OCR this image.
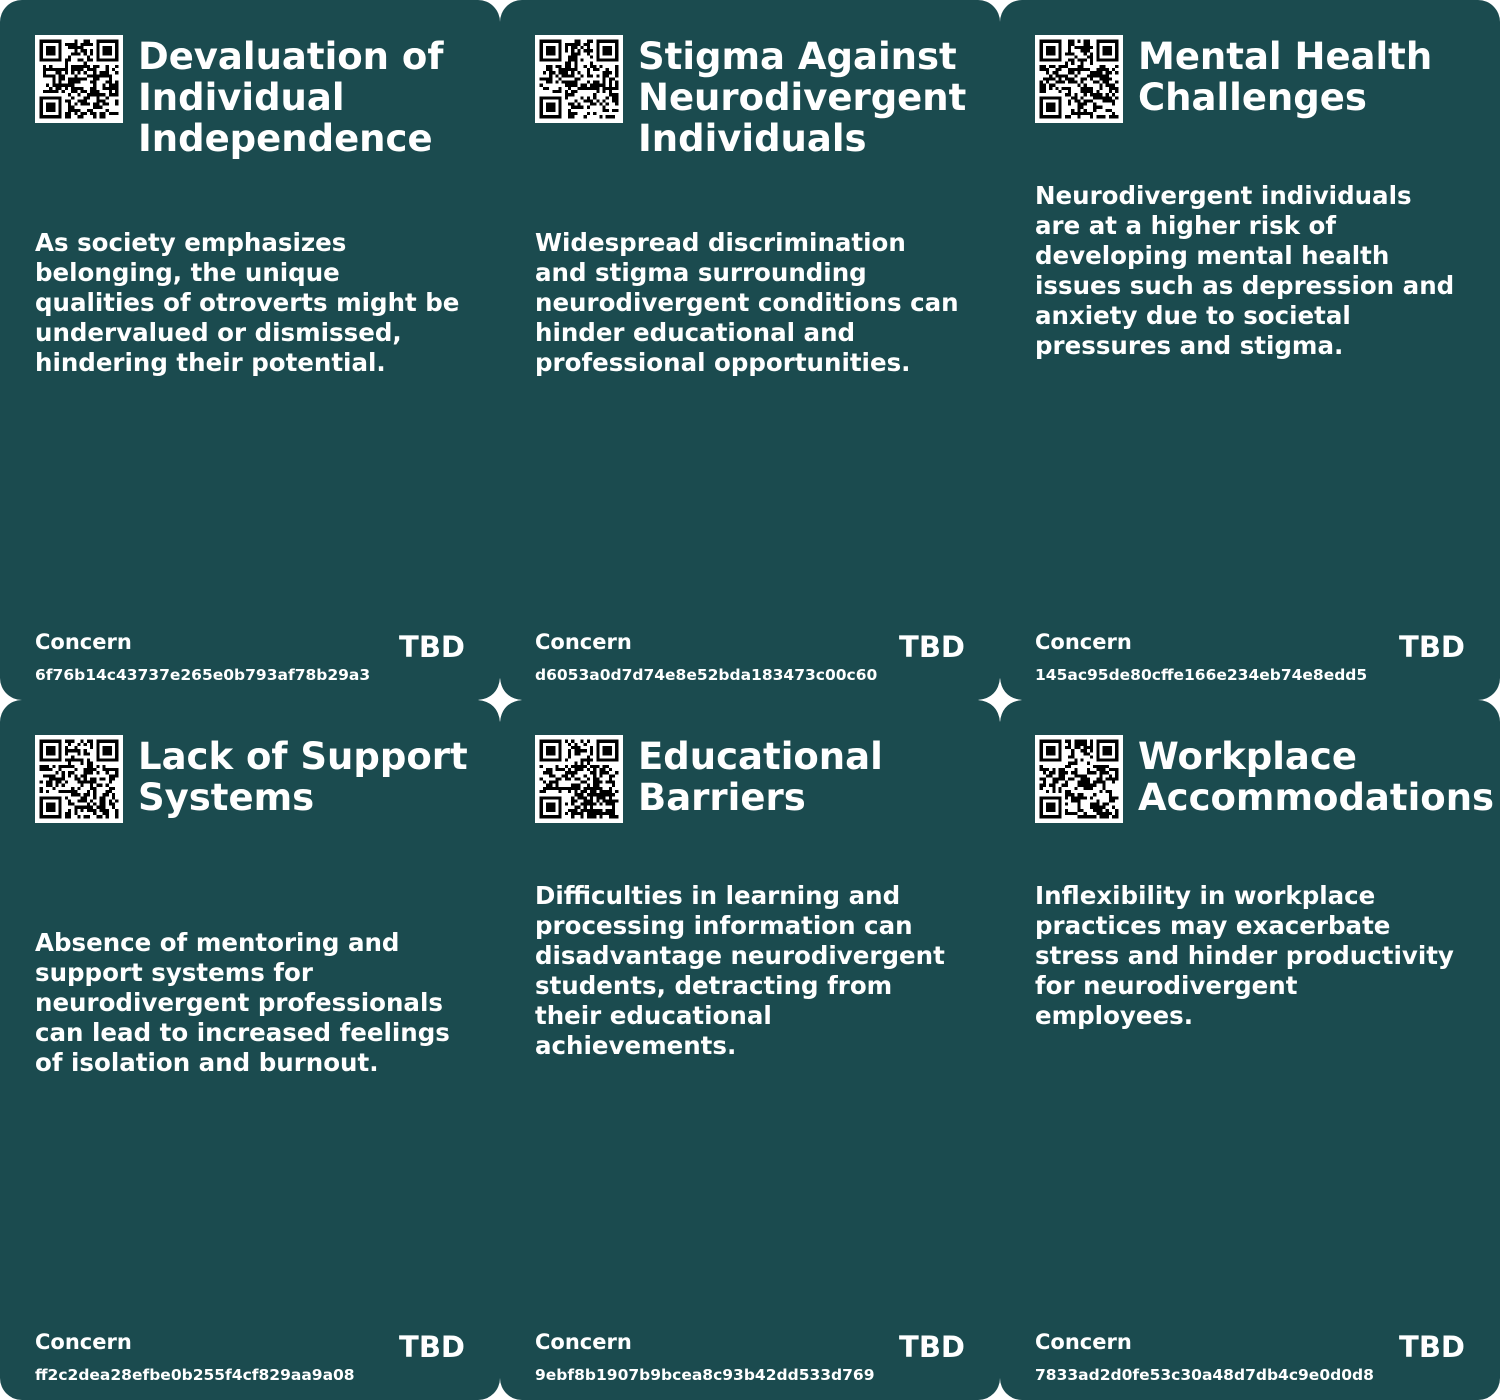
Devaluation of Individual Independence

As society emphasizes belonging, the unique qualities of otroverts might be undervalued or dismissed, hindering their potential.

Concern
6f76b14c43737e265e0b793af78b29a3
TBD
Stigma Against Neurodivergent Individuals

Widespread discrimination and stigma surrounding neurodivergent conditions can hinder educational and professional opportunities.

Concern
d6053a0d7d74e8e52bda183473c00c60
TBD
Mental Health Challenges

Neurodivergent individuals are at a higher risk of developing mental health issues such as depression and anxiety due to societal pressures and stigma.

Concern
145ac95de80cffe166e234eb74e8edd5
TBD
Lack of Support Systems

Absence of mentoring and support systems for neurodivergent professionals can lead to increased feelings of isolation and burnout.

Concern
ff2c2dea28efbe0b255f4cf829aa9a08
TBD
Educational Barriers

Difficulties in learning and processing information can disadvantage neurodivergent students, detracting from their educational achievements.

Concern
9ebf8b1907b9bcea8c93b42dd533d769
TBD
Workplace Accommodations

Inflexibility in workplace practices may exacerbate stress and hinder productivity for neurodivergent employees.

Concern
7833ad2d0fe53c30a48d7db4c9e0d0d8
TBD
